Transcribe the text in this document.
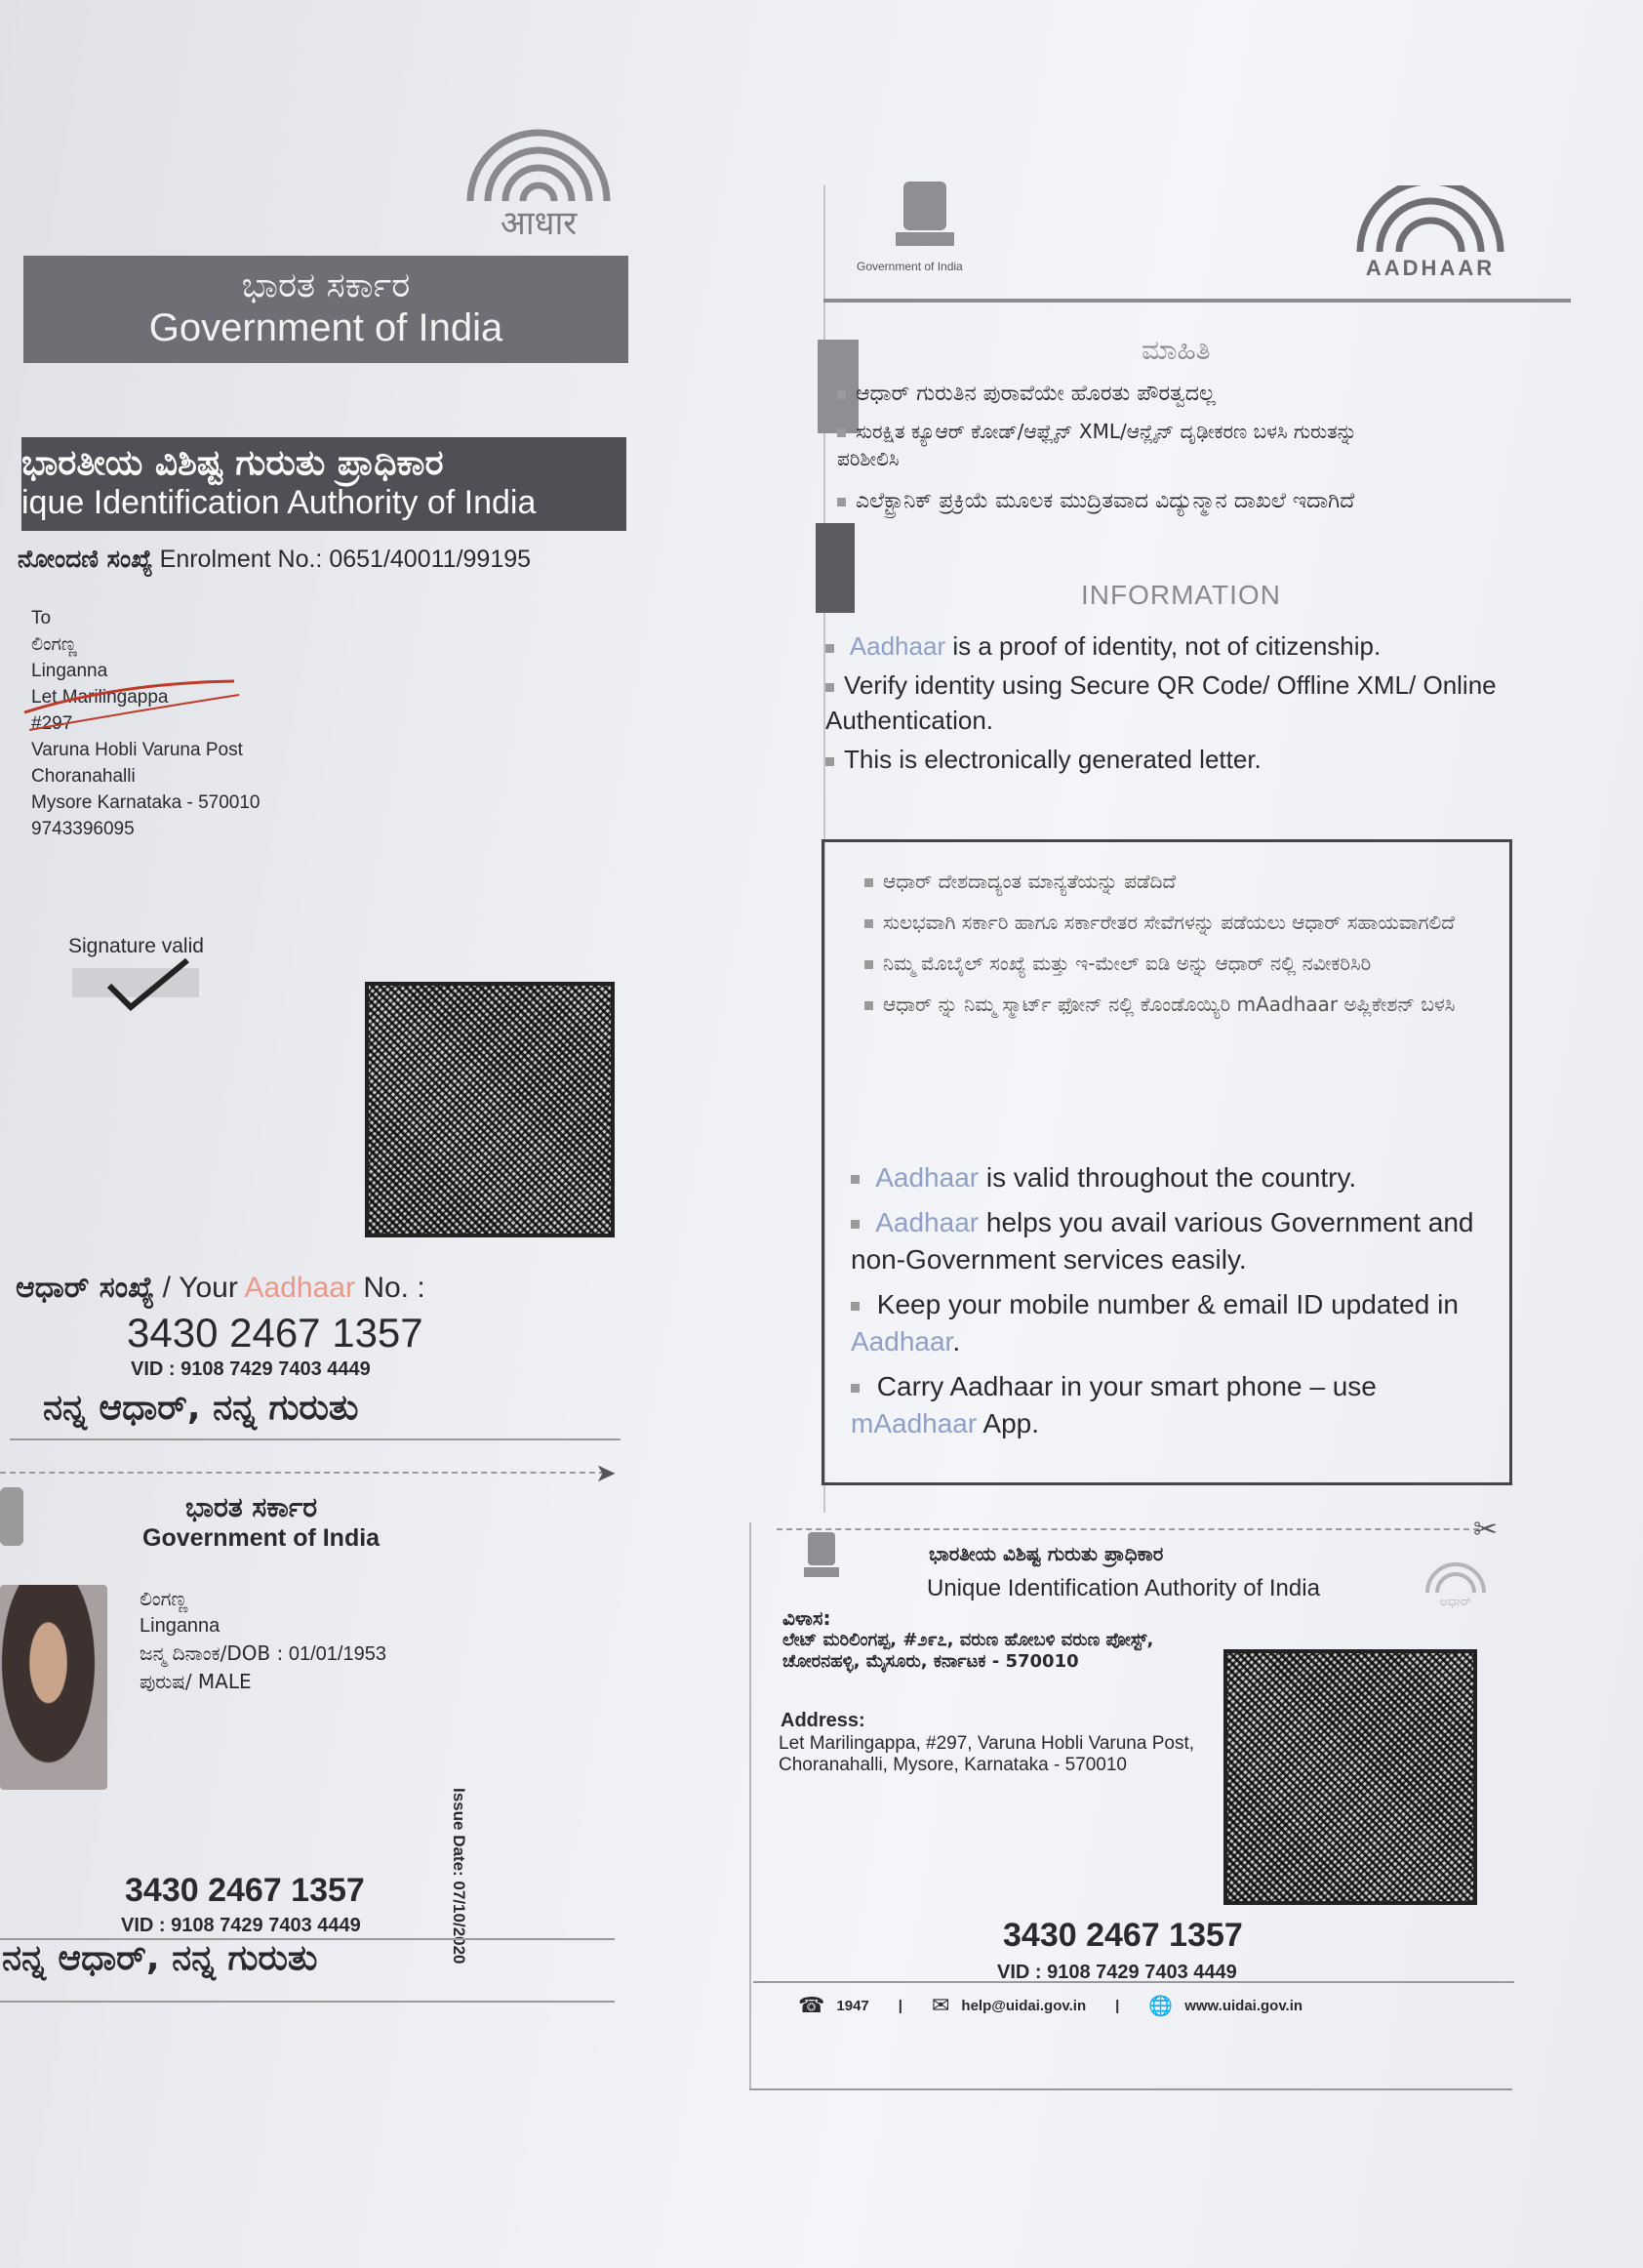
आधार
ಭಾರತ ಸರ್ಕಾರ
Government of India
ಭಾರತೀಯ ವಿಶಿಷ್ಟ ಗುರುತು ಪ್ರಾಧಿಕಾರ
ique Identification Authority of India
ನೋಂದಣಿ ಸಂಖ್ಯೆ Enrolment No.: 0651/40011/99195
To
ಲಿಂಗಣ್ಣ
Linganna
Let Marilingappa
#297
Varuna Hobli Varuna Post
Choranahalli
Mysore Karnataka - 570010
9743396095
Signature valid
ಆಧಾರ್ ಸಂಖ್ಯೆ / Your Aadhaar No. :
3430 2467 1357
VID : 9108 7429 7403 4449
ನನ್ನ ಆಧಾರ್, ನನ್ನ ಗುರುತು
➤
ಭಾರತ ಸರ್ಕಾರ
Government of India
ಲಿಂಗಣ್ಣ
Linganna
ಜನ್ಮ ದಿನಾಂಕ/DOB : 01/01/1953
ಪುರುಷ/ MALE
Issue Date: 07/10/2020
3430 2467 1357
VID : 9108 7429 7403 4449
ನನ್ನ ಆಧಾರ್, ನನ್ನ ಗುರುತು
Government of India	AADHAAR
ಮಾಹಿತಿ
ಆಧಾರ್ ಗುರುತಿನ ಪುರಾವೆಯೇ ಹೊರತು ಪೌರತ್ವದಲ್ಲ
ಸುರಕ್ಷಿತ ಕ್ಯೂಆರ್ ಕೋಡ್/ಆಫ್ಲೈನ್ XML/ಆನ್ಲೈನ್ ದೃಢೀಕರಣ ಬಳಸಿ ಗುರುತನ್ನು ಪರಿಶೀಲಿಸಿ
ಎಲೆಕ್ಟ್ರಾನಿಕ್ ಪ್ರಕ್ರಿಯೆ ಮೂಲಕ ಮುದ್ರಿತವಾದ ವಿದ್ಯುನ್ಮಾನ ದಾಖಲೆ ಇದಾಗಿದೆ
INFORMATION
Aadhaar is a proof of identity, not of citizenship.
Verify identity using Secure QR Code/ Offline XML/ Online Authentication.
This is electronically generated letter.
ಆಧಾರ್ ದೇಶದಾದ್ಯಂತ ಮಾನ್ಯತೆಯನ್ನು ಪಡೆದಿದೆ
ಸುಲಭವಾಗಿ ಸರ್ಕಾರಿ ಹಾಗೂ ಸರ್ಕಾರೇತರ ಸೇವೆಗಳನ್ನು ಪಡೆಯಲು ಆಧಾರ್ ಸಹಾಯವಾಗಲಿದೆ
ನಿಮ್ಮ ಮೊಬೈಲ್ ಸಂಖ್ಯೆ ಮತ್ತು ಇ-ಮೇಲ್ ಐಡಿ ಅನ್ನು ಆಧಾರ್ ನಲ್ಲಿ ನವೀಕರಿಸಿರಿ
ಆಧಾರ್ ನ್ನು ನಿಮ್ಮ ಸ್ಮಾರ್ಟ್ ಫೋನ್ ನಲ್ಲಿ ಕೊಂಡೊಯ್ಯಿರಿ mAadhaar ಅಪ್ಲಿಕೇಶನ್ ಬಳಸಿ
Aadhaar is valid throughout the country.
Aadhaar helps you avail various Government and non-Government services easily.
Keep your mobile number & email ID updated in Aadhaar.
Carry Aadhaar in your smart phone – use mAadhaar App.
✂
ಭಾರತೀಯ ವಿಶಿಷ್ಟ ಗುರುತು ಪ್ರಾಧಿಕಾರ
Unique Identification Authority of India
ಆಧಾರ್
ವಿಳಾಸ:
ಲೇಟ್ ಮರಿಲಿಂಗಪ್ಪ, #೨೯೭, ವರುಣ ಹೋಬಳಿ ವರುಣ ಪೋಸ್ಟ್, ಚೋರನಹಳ್ಳಿ, ಮೈಸೂರು, ಕರ್ನಾಟಕ - 570010
Address:
Let Marilingappa, #297, Varuna Hobli Varuna Post, Choranahalli, Mysore, Karnataka - 570010
3430 2467 1357
VID : 9108 7429 7403 4449
☎ 1947 | ✉ help@uidai.gov.in | 🌐 www.uidai.gov.in
